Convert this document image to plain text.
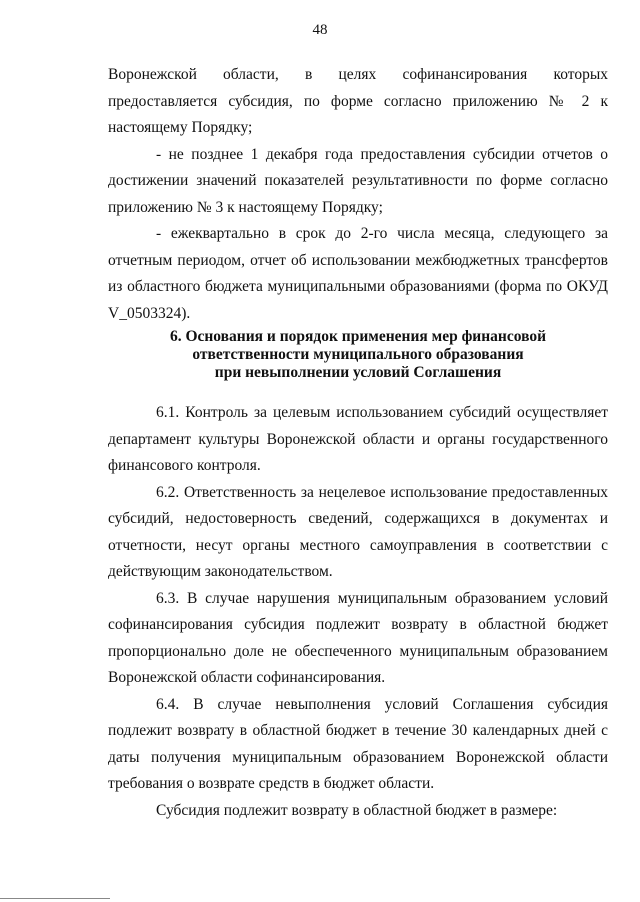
48

Воронежской области, в целях софинансирования которых предоставляется субсидия, по форме согласно приложению № 2 к настоящему Порядку;

- не позднее 1 декабря года предоставления субсидии отчетов о достижении значений показателей результативности по форме согласно приложению № 3 к настоящему Порядку;

- ежеквартально в срок до 2-го числа месяца, следующего за отчетным периодом, отчет об использовании межбюджетных трансфертов из областного бюджета муниципальными образованиями (форма по ОКУД V_0503324).

6. Основания и порядок применения мер финансовой
ответственности муниципального образования
при невыполнении условий Соглашения

6.1. Контроль за целевым использованием субсидий осуществляет департамент культуры Воронежской области и органы государственного финансового контроля.

6.2. Ответственность за нецелевое использование предоставленных субсидий, недостоверность сведений, содержащихся в документах и отчетности, несут органы местного самоуправления в соответствии с действующим законодательством.

6.3. В случае нарушения муниципальным образованием условий софинансирования субсидия подлежит возврату в областной бюджет пропорционально доле не обеспеченного муниципальным образованием Воронежской области софинансирования.

6.4. В случае невыполнения условий Соглашения субсидия подлежит возврату в областной бюджет в течение 30 календарных дней с даты получения муниципальным образованием Воронежской области требования о возврате средств в бюджет области.

Субсидия подлежит возврату в областной бюджет в размере:
